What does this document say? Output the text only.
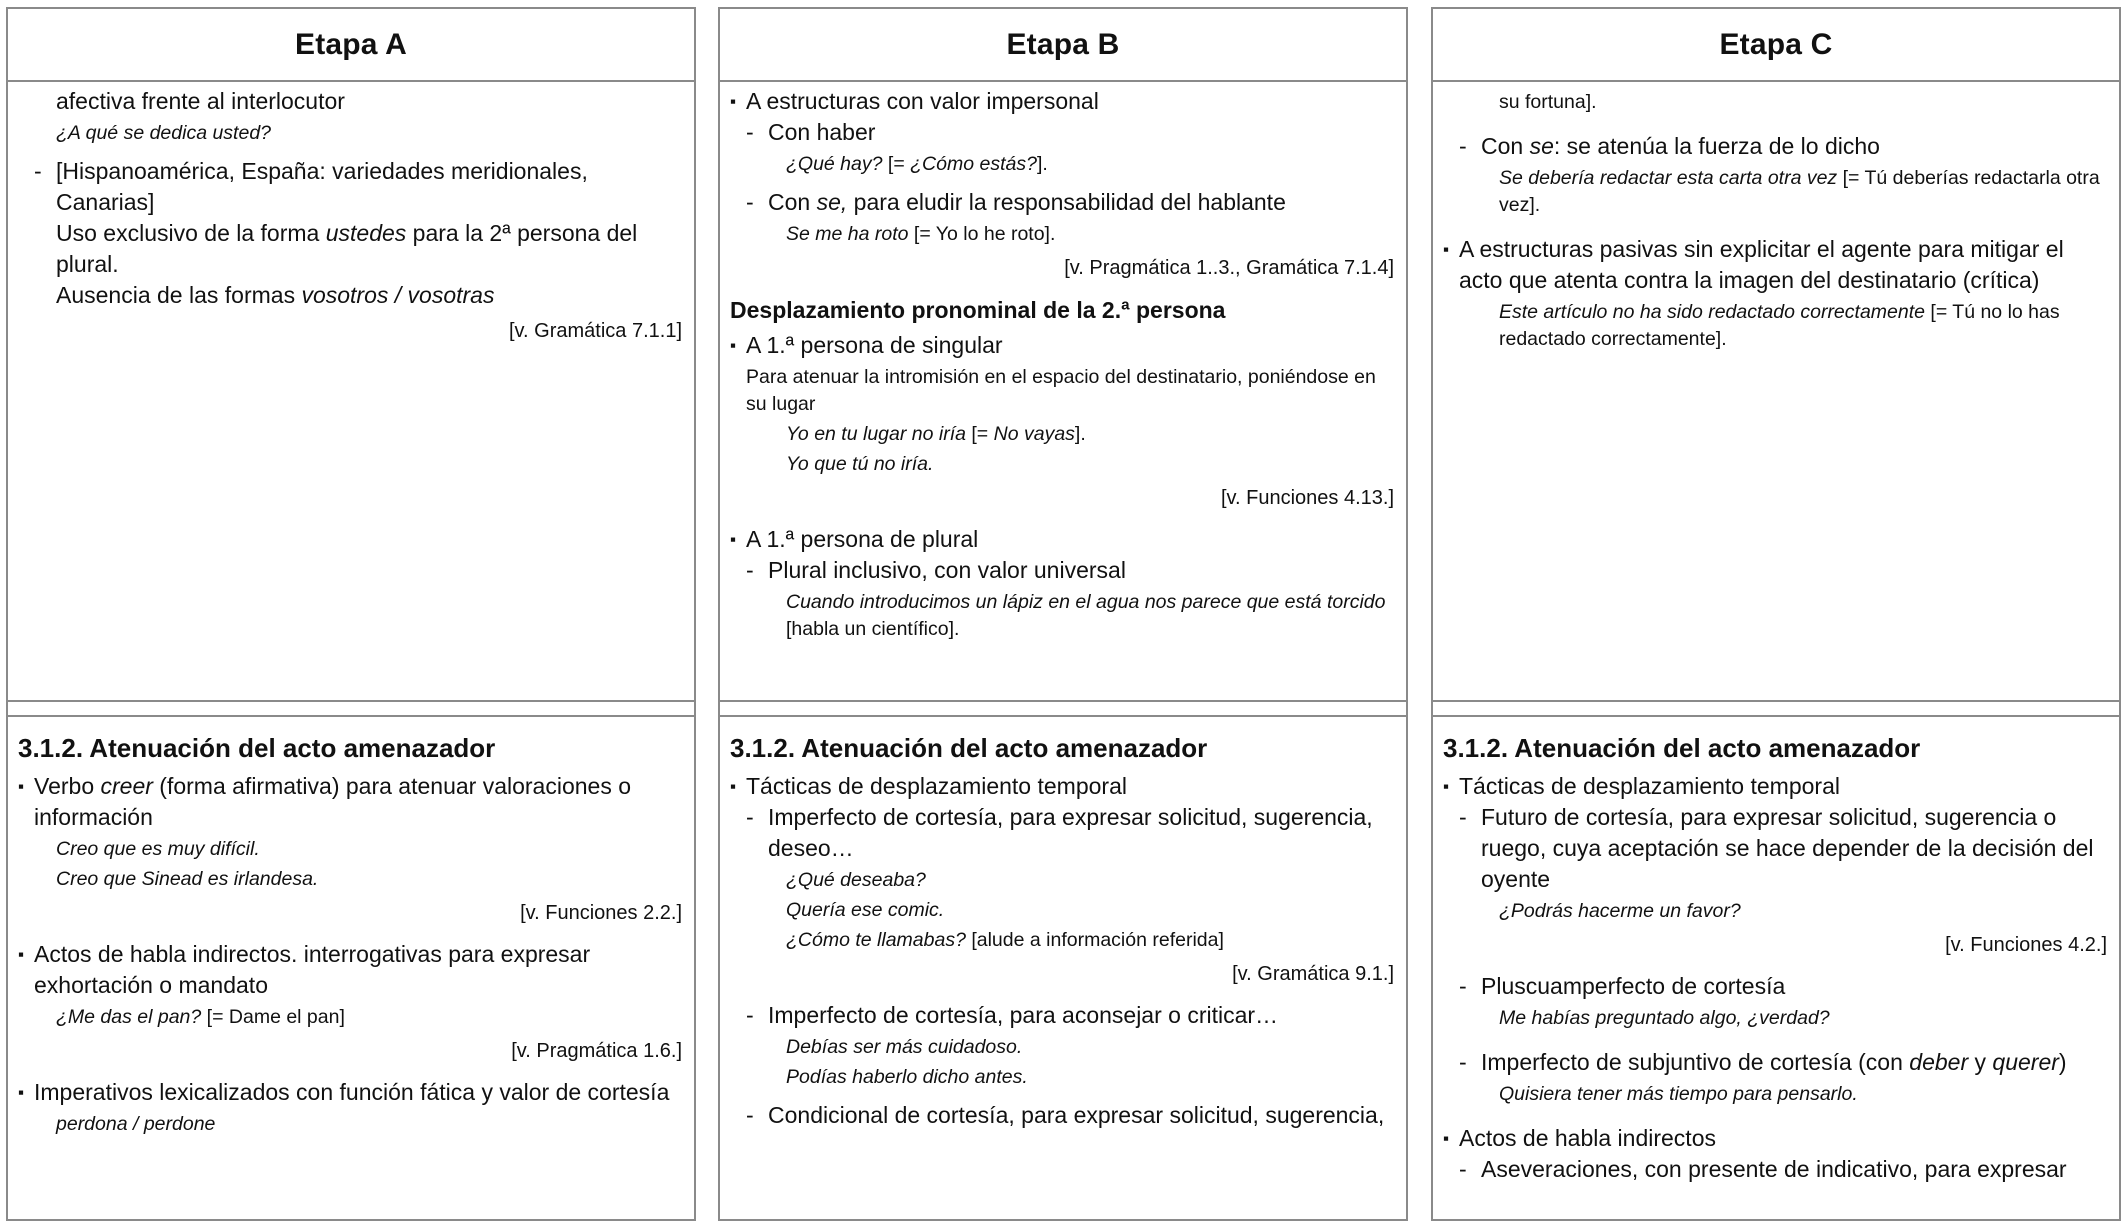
Etapa A
afectiva frente al interlocutor
¿A qué se dedica usted?
- [Hispanoamérica, España: variedades meridionales, Canarias]
Uso exclusivo de la forma ustedes para la 2ª persona del plural.
Ausencia de las formas vosotros / vosotras
[v. Gramática 7.1.1]
3.1.2. Atenuación del acto amenazador
▪ Verbo creer (forma afirmativa) para atenuar valoraciones o información
Creo que es muy difícil.
Creo que Sinead es irlandesa.
[v. Funciones 2.2.]
▪ Actos de habla indirectos. interrogativas para expresar exhortación o mandato
¿Me das el pan? [= Dame el pan]
[v. Pragmática 1.6.]
▪ Imperativos lexicalizados con función fática y valor de cortesía
perdona / perdone
Etapa B
▪ A estructuras con valor impersonal
- Con haber
¿Qué hay? [= ¿Cómo estás?].
- Con se, para eludir la responsabilidad del hablante
Se me ha roto [= Yo lo he roto].
[v. Pragmática 1..3., Gramática 7.1.4]
Desplazamiento pronominal de la 2.ª persona
▪ A 1.ª persona de singular
Para atenuar la intromisión en el espacio del destinatario, poniéndose en su lugar
Yo en tu lugar no iría [= No vayas].
Yo que tú no iría.
[v. Funciones 4.13.]
▪ A 1.ª persona de plural
- Plural inclusivo, con valor universal
Cuando introducimos un lápiz en el agua nos parece que está torcido [habla un científico].
3.1.2. Atenuación del acto amenazador
▪ Tácticas de desplazamiento temporal
- Imperfecto de cortesía, para expresar solicitud, sugerencia, deseo…
¿Qué deseaba?
Quería ese comic.
¿Cómo te llamabas? [alude a información referida]
[v. Gramática 9.1.]
- Imperfecto de cortesía, para aconsejar o criticar…
Debías ser más cuidadoso.
Podías haberlo dicho antes.
- Condicional de cortesía, para expresar solicitud, sugerencia,
Etapa C
su fortuna].
- Con se: se atenúa la fuerza de lo dicho
Se debería redactar esta carta otra vez [= Tú deberías redactarla otra vez].
▪ A estructuras pasivas sin explicitar el agente para mitigar el acto que atenta contra la imagen del destinatario (crítica)
Este artículo no ha sido redactado correctamente [= Tú no lo has redactado correctamente].
3.1.2. Atenuación del acto amenazador
▪ Tácticas de desplazamiento temporal
- Futuro de cortesía, para expresar solicitud, sugerencia o ruego, cuya aceptación se hace depender de la decisión del oyente
¿Podrás hacerme un favor?
[v. Funciones 4.2.]
- Pluscuamperfecto de cortesía
Me habías preguntado algo, ¿verdad?
- Imperfecto de subjuntivo de cortesía (con deber y querer)
Quisiera tener más tiempo para pensarlo.
▪ Actos de habla indirectos
- Aseveraciones, con presente de indicativo, para expresar
